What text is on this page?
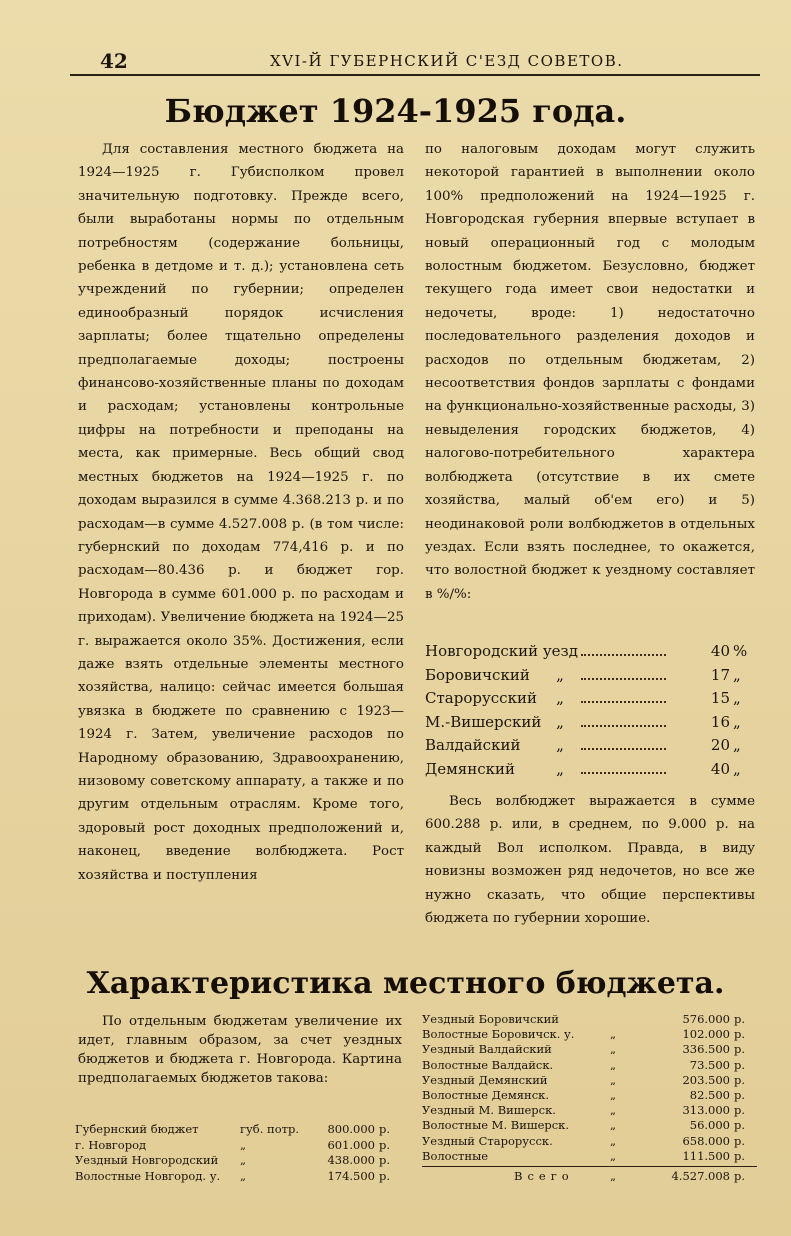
42	XVI-Й ГУБЕРНСКИЙ С'ЕЗД СОВЕТОВ.
Бюджет 1924-1925 года.

Для составления местного бюджета на 1924—1925 г. Губисполком провел значительную подготовку. Прежде всего, были выработаны нормы по отдельным потребностям (содержание больницы, ребенка в детдоме и т. д.); установлена сеть учреждений по губернии; определен единообразный порядок исчисления зарплаты; более тщательно определены предполагаемые доходы; построены финансово-хозяйственные планы по доходам и расходам; установлены контрольные цифры на потребности и преподаны на места, как примерные. Весь общий свод местных бюджетов на 1924—1925 г. по доходам выразился в сумме 4.368.213 р. и по расходам—в сумме 4.527.008 р. (в том числе: губернский по доходам 774,416 р. и по расходам—80.436 р. и бюджет гор. Новгорода в сумме 601.000 р. по расходам и приходам). Увеличение бюджета на 1924—25 г. выражается около 35%. Достижения, если даже взять отдельные элементы местного хозяйства, налицо: сейчас имеется большая увязка в бюджете по сравнению с 1923—1924 г. Затем, увеличение расходов по Народному образованию, Здравоохранению, низовому советскому аппарату, а также и по другим отдельным отраслям. Кроме того, здоровый рост доходных предположений и, наконец, введение волбюджета. Рост хозяйства и поступления

по налоговым доходам могут служить некоторой гарантией в выполнении около 100% предположений на 1924—1925 г. Новгородская губерния впервые вступает в новый операционный год с молодым волостным бюджетом. Безусловно, бюджет текущего года имеет свои недостатки и недочеты, вроде: 1) недостаточно последовательного разделения доходов и расходов по отдельным бюджетам, 2) несоответствия фондов зарплаты с фондами на функционально-хозяйственные расходы, 3) невыделения городских бюджетов, 4) налогово-потребительного характера волбюджета (отсутствие в их смете хозяйства, малый об'ем его) и 5) неодинаковой роли волбюджетов в отдельных уездах. Если взять последнее, то окажется, что волостной бюджет к уездному составляет в %/%:

Новгородский уезд	40 %
Боровичский	„	17 „
Старорусский	„	15 „
М.-Вишерский „	16 „
Валдайский	„	20 „
Демянский	„	40 „

Весь волбюджет выражается в сумме 600.288 р. или, в среднем, по 9.000 р. на каждый Вол исполком. Правда, в виду новизны возможен ряд недочетов, но все же нужно сказать, что общие перспективы бюджета по губернии хорошие.

Характеристика местного бюджета.

По отдельным бюджетам увеличение их идет, главным образом, за счет уездных бюджетов и бюджета г. Новгорода. Картина предполагаемых бюджетов такова:

Губернский бюджет	губ. потр.	800.000 р.
г. Новгород	„	601.000 р.
Уездный Новгородский	„	438.000 р.
Волостные Новгород. у.	„	174.500 р.
Уездный Боровичский	576.000 р.
Волостные Боровичск. у.	„	102.000 р.
Уездный Валдайский	„	336.500 р.
Волостные Валдайск.	„	73.500 р.
Уездный Демянский	„	203.500 р.
Волостные Демянск.	„	82.500 р.
Уездный М. Вишерск.	„	313.000 р.
Волостные М. Вишерск.	„	56.000 р.
Уездный Старорусск.	„	658.000 р.
Волостные	„	111.500 р.
Всего	„	4.527.008 р.
